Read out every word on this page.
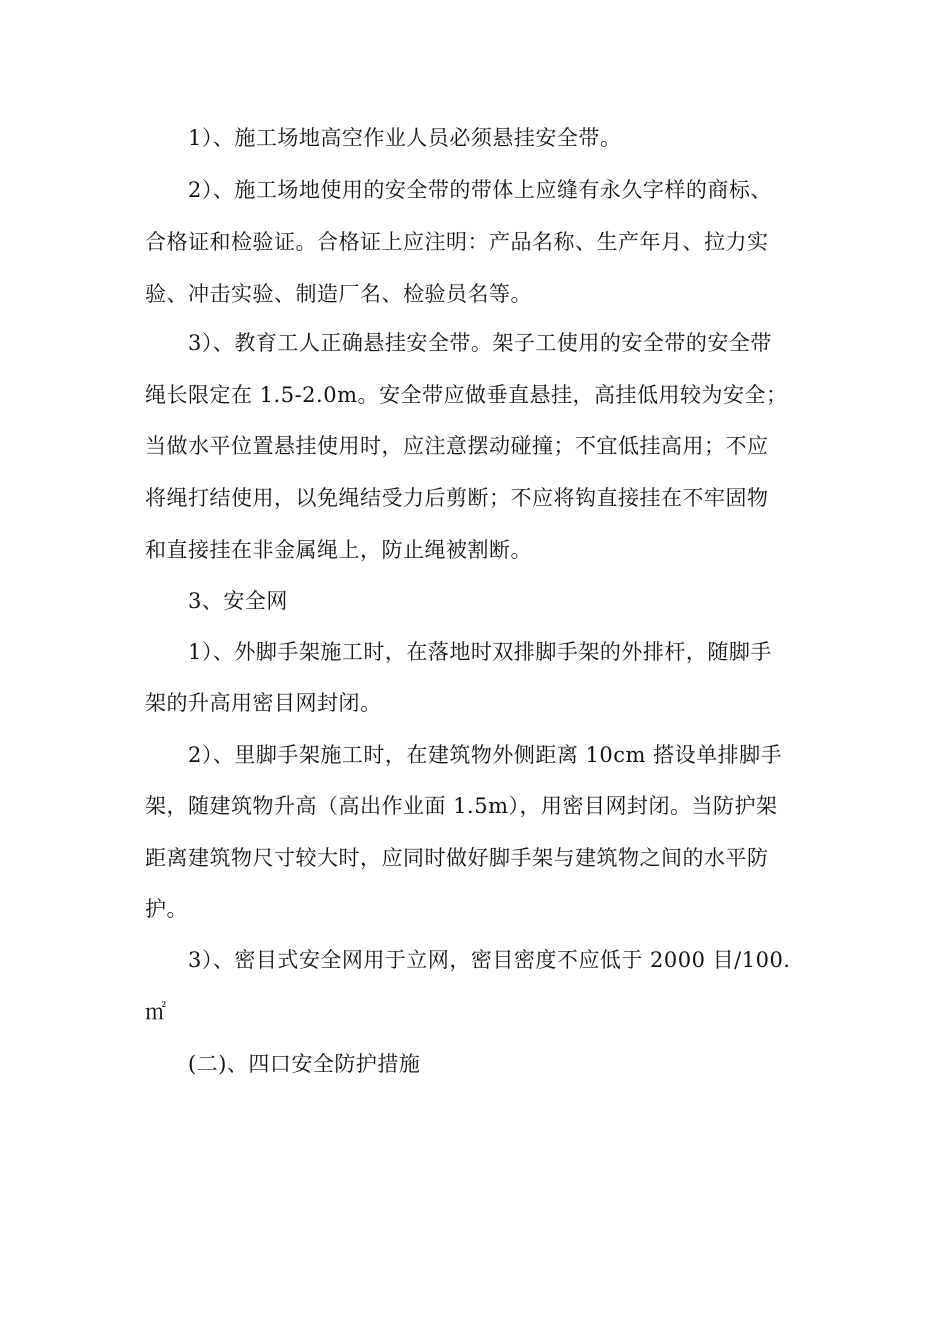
1）、施工场地高空作业人员必须悬挂安全带。
2）、施工场地使用的安全带的带体上应缝有永久字样的商标、
合格证和检验证。合格证上应注明：产品名称、生产年月、拉力实
验、冲击实验、制造厂名、检验员名等。
3）、教育工人正确悬挂安全带。架子工使用的安全带的安全带
绳长限定在 1.5-2.0m。安全带应做垂直悬挂，高挂低用较为安全；
当做水平位置悬挂使用时，应注意摆动碰撞；不宜低挂高用；不应
将绳打结使用，以免绳结受力后剪断；不应将钩直接挂在不牢固物
和直接挂在非金属绳上，防止绳被割断。
3、安全网
1）、外脚手架施工时，在落地时双排脚手架的外排杆，随脚手
架的升高用密目网封闭。
2）、里脚手架施工时，在建筑物外侧距离 10cm 搭设单排脚手
架，随建筑物升高（高出作业面 1.5m），用密目网封闭。当防护架
距离建筑物尺寸较大时，应同时做好脚手架与建筑物之间的水平防
护。
3）、密目式安全网用于立网，密目密度不应低于 2000 目/100.
㎡
(二)、四口安全防护措施
